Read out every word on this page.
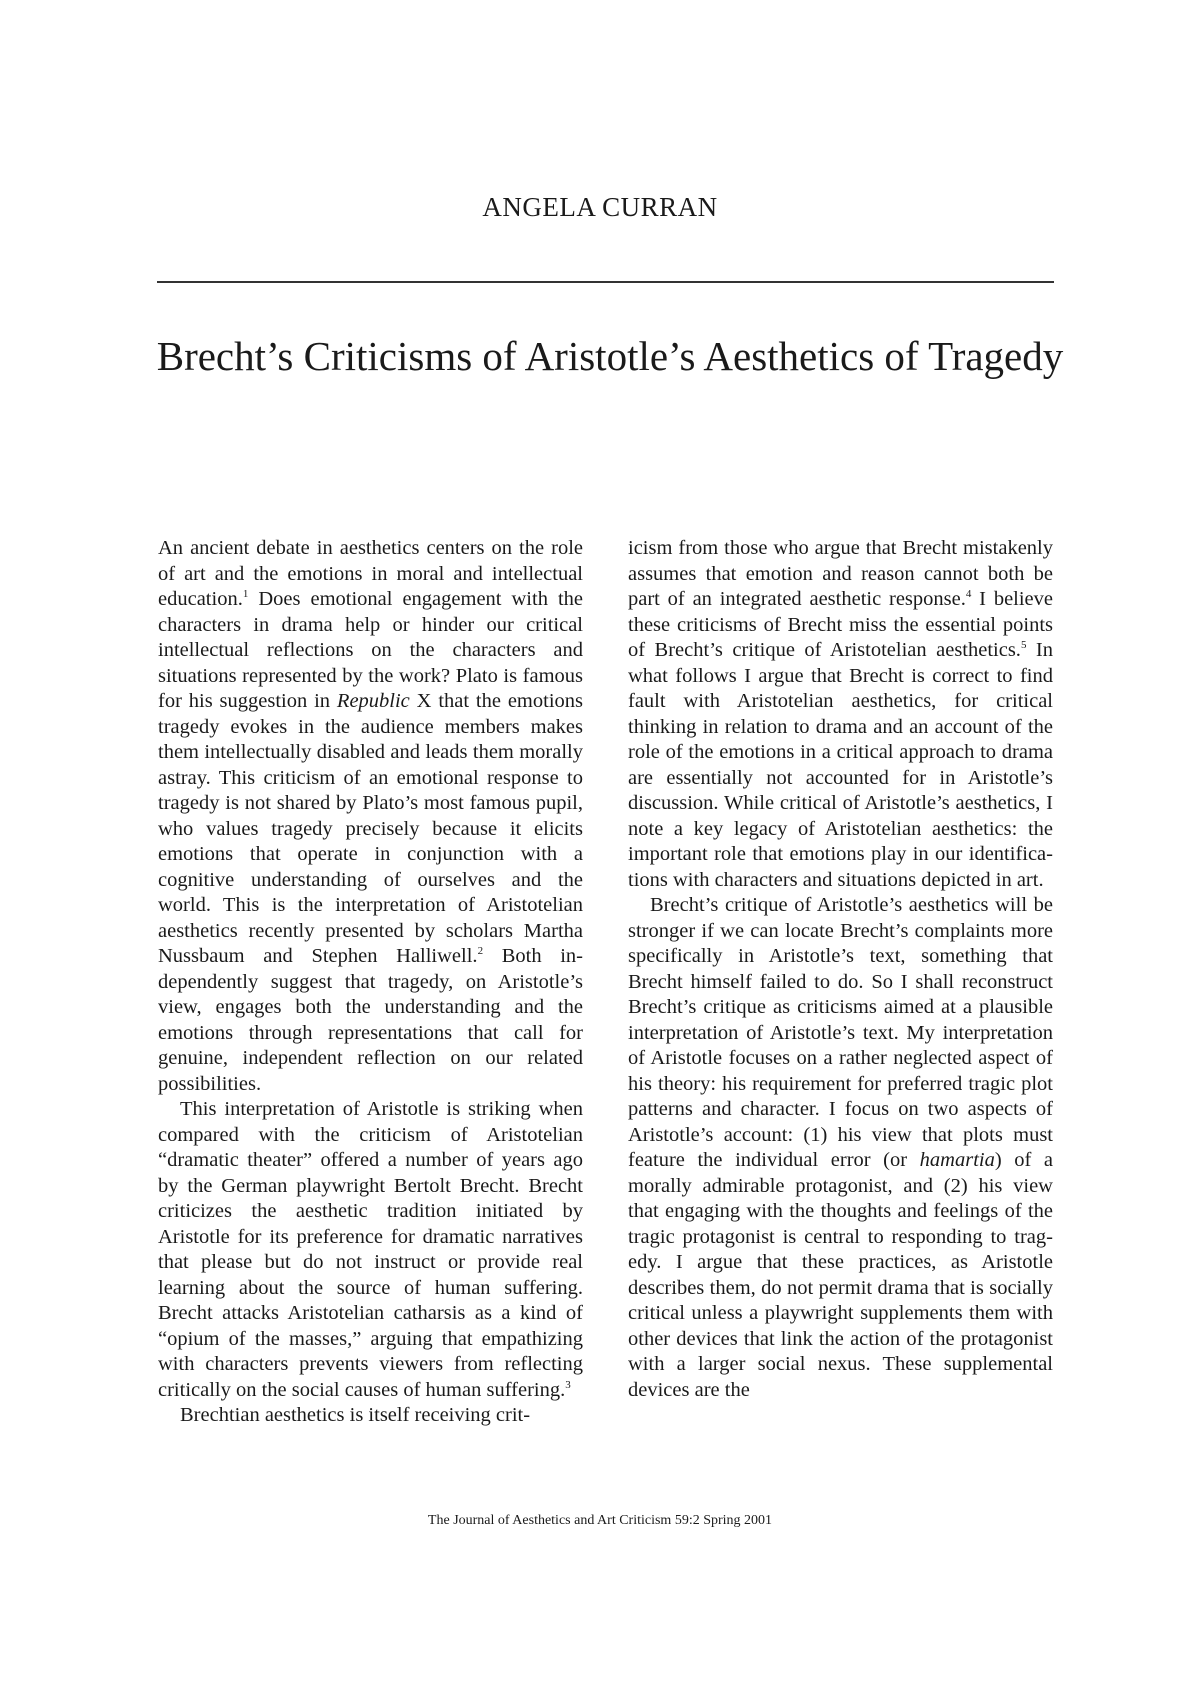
ANGELA CURRAN
Brecht’s Criticisms of Aristotle’s Aesthetics of Tragedy

An ancient debate in aesthetics centers on the role of art and the emotions in moral and intellectual education.$^1$ Does emotional engagement with the characters in drama help or hinder our critical intellectual reflections on the characters and situations represented by the work? Plato is famous for his suggestion in Republic X that the emotions tragedy evokes in the audience members makes them intellectually disabled and leads them morally astray. This criticism of an emotional response to tragedy is not shared by Plato’s most famous pupil, who values tragedy precisely because it elicits emotions that operate in conjunction with a cognitive understanding of ourselves and the world. This is the interpretation of Aristotelian aesthetics recently presented by scholars Martha Nussbaum and Stephen Halliwell.$^2$ Both independently suggest that tragedy, on Aristotle’s view, engages both the understanding and the emotions through representations that call for genuine, independent reflection on our related possibilities.

This interpretation of Aristotle is striking when compared with the criticism of Aristotelian “dramatic theater” offered a number of years ago by the German playwright Bertolt Brecht. Brecht criticizes the aesthetic tradition initiated by Aristotle for its preference for dramatic narratives that please but do not instruct or provide real learning about the source of human suffering. Brecht attacks Aristotelian catharsis as a kind of “opium of the masses,” arguing that empathizing with characters prevents viewers from reflecting critically on the social causes of human suffering.$^3$

Brechtian aesthetics is itself receiving crit-

icism from those who argue that Brecht mistakenly assumes that emotion and reason cannot both be part of an integrated aesthetic response.$^4$ I believe these criticisms of Brecht miss the essential points of Brecht’s critique of Aristotelian aesthetics.$^5$ In what follows I argue that Brecht is correct to find fault with Aristotelian aesthetics, for critical thinking in relation to drama and an account of the role of the emotions in a critical approach to drama are essentially not accounted for in Aristotle’s discussion. While critical of Aristotle’s aesthetics, I note a key legacy of Aristotelian aesthetics: the important role that emotions play in our identifications with characters and situations depicted in art.

Brecht’s critique of Aristotle’s aesthetics will be stronger if we can locate Brecht’s complaints more specifically in Aristotle’s text, something that Brecht himself failed to do. So I shall reconstruct Brecht’s critique as criticisms aimed at a plausible interpretation of Aristotle’s text. My interpretation of Aristotle focuses on a rather neglected aspect of his theory: his requirement for preferred tragic plot patterns and character. I focus on two aspects of Aristotle’s account: (1) his view that plots must feature the individual error (or hamartia) of a morally admirable protagonist, and (2) his view that engaging with the thoughts and feelings of the tragic protagonist is central to responding to tragedy. I argue that these practices, as Aristotle describes them, do not permit drama that is socially critical unless a playwright supplements them with other devices that link the action of the protagonist with a larger social nexus. These supplemental devices are the

The Journal of Aesthetics and Art Criticism 59:2 Spring 2001
